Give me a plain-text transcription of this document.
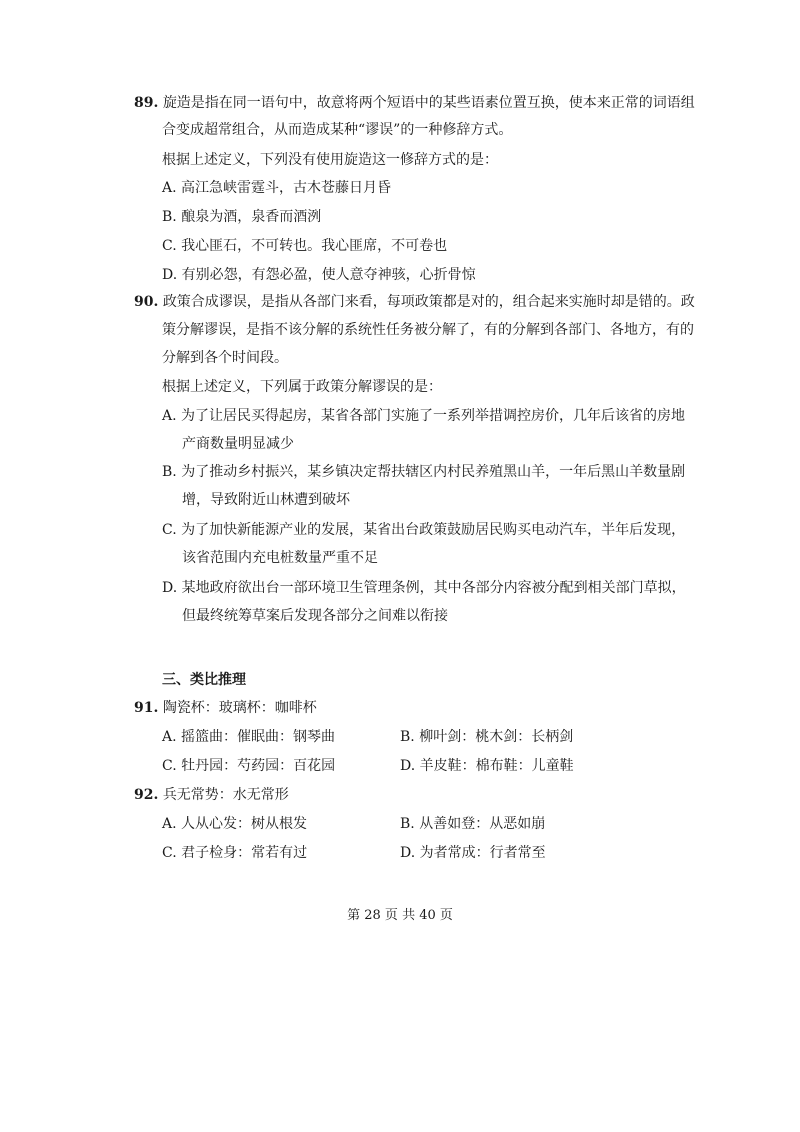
89. 旋造是指在同一语句中，故意将两个短语中的某些语素位置互换，使本来正常的词语组
合变成超常组合，从而造成某种“谬误”的一种修辞方式。
根据上述定义，下列没有使用旋造这一修辞方式的是：
A. 高江急峡雷霆斗，古木苍藤日月昏
B. 酿泉为酒，泉香而酒洌
C. 我心匪石，不可转也。我心匪席，不可卷也
D. 有别必怨，有怨必盈，使人意夺神骇，心折骨惊
90. 政策合成谬误，是指从各部门来看，每项政策都是对的，组合起来实施时却是错的。政
策分解谬误，是指不该分解的系统性任务被分解了，有的分解到各部门、各地方，有的
分解到各个时间段。
根据上述定义，下列属于政策分解谬误的是：
A. 为了让居民买得起房，某省各部门实施了一系列举措调控房价，几年后该省的房地
产商数量明显减少
B. 为了推动乡村振兴，某乡镇决定帮扶辖区内村民养殖黑山羊，一年后黑山羊数量剧
增，导致附近山林遭到破坏
C. 为了加快新能源产业的发展，某省出台政策鼓励居民购买电动汽车，半年后发现，
该省范围内充电桩数量严重不足
D. 某地政府欲出台一部环境卫生管理条例，其中各部分内容被分配到相关部门草拟，
但最终统筹草案后发现各部分之间难以衔接
三、类比推理
91. 陶瓷杯：玻璃杯：咖啡杯
A. 摇篮曲：催眠曲：钢琴曲	B. 柳叶剑：桃木剑：长柄剑
C. 牡丹园：芍药园：百花园	D. 羊皮鞋：棉布鞋：儿童鞋
92. 兵无常势：水无常形
A. 人从心发：树从根发	B. 从善如登：从恶如崩
C. 君子检身：常若有过	D. 为者常成：行者常至
第 28 页 共 40 页
